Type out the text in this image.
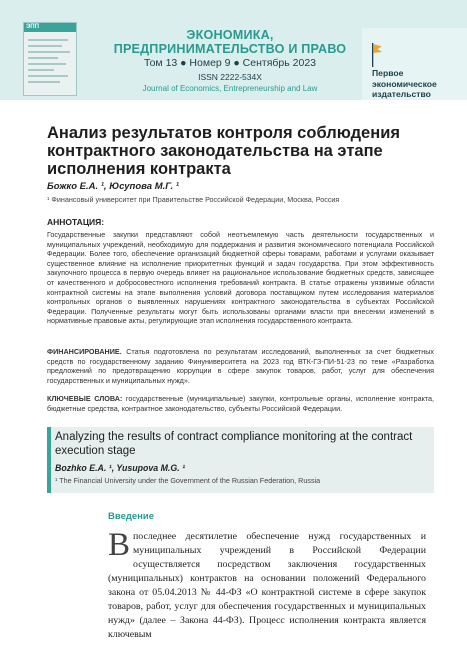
ЭПП
ЭКОНОМИКА, ПРЕДПРИНИМАТЕЛЬСТВО И ПРАВО
Том 13 ● Номер 9 ● Сентябрь 2023
ISSN 2222-534X
Journal of Economics, Entrepreneurship and Law
Первое экономическое издательство
Анализ результатов контроля соблюдения контрактного законодательства на этапе исполнения контракта
Божко Е.А. ¹, Юсупова М.Г. ¹
¹ Финансовый университет при Правительстве Российской Федерации, Москва, Россия
АННОТАЦИЯ:
Государственные закупки представляют собой неотъемлемую часть деятельности государственных и муниципальных учреждений, необходимую для поддержания и развития экономического потенциала Российской Федерации. Более того, обеспечение организаций бюджетной сферы товарами, работами и услугами оказывает существенное влияние на исполнение приоритетных функций и задач государства. При этом эффективность закупочного процесса в первую очередь влияет на рациональное использование бюджетных средств, зависящее от качественного и добросовестного исполнения требований контракта. В статье отражены уязвимые области контрактной системы на этапе выполнения условий договора поставщиком путем исследования материалов контрольных органов о выявленных нарушениях контрактного законодательства в субъектах Российской Федерации. Полученные результаты могут быть использованы органами власти при внесении изменений в нормативные правовые акты, регулирующие этап исполнения государственного контракта.
ФИНАНСИРОВАНИЕ. Статья подготовлена по результатам исследований, выполненных за счет бюджетных средств по государственному заданию Финуниверситета на 2023 год ВТК-ГЗ-ПИ-51-23 по теме «Разработка предложений по предотвращению коррупции в сфере закупок товаров, работ, услуг для обеспечения государственных и муниципальных нужд».
КЛЮЧЕВЫЕ СЛОВА: государственные (муниципальные) закупки, контрольные органы, исполнение контракта, бюджетные средства, контрактное законодательство, субъекты Российской Федерации.
Analyzing the results of contract compliance monitoring at the contract execution stage
Bozhko E.A. ¹, Yusupova M.G. ¹
¹ The Financial University under the Government of the Russian Federation, Russia
Введение
Впоследнее десятилетие обеспечение нужд государственных и муниципальных учреждений в Российской Федерации осуществляется посредством заключения государственных (муниципальных) контрактов на основании положений Федерального закона от 05.04.2013 № 44-ФЗ «О контрактной системе в сфере закупок товаров, работ, услуг для обеспечения государственных и муниципальных нужд» (далее – Закона 44-ФЗ). Процесс исполнения контракта является ключевым
